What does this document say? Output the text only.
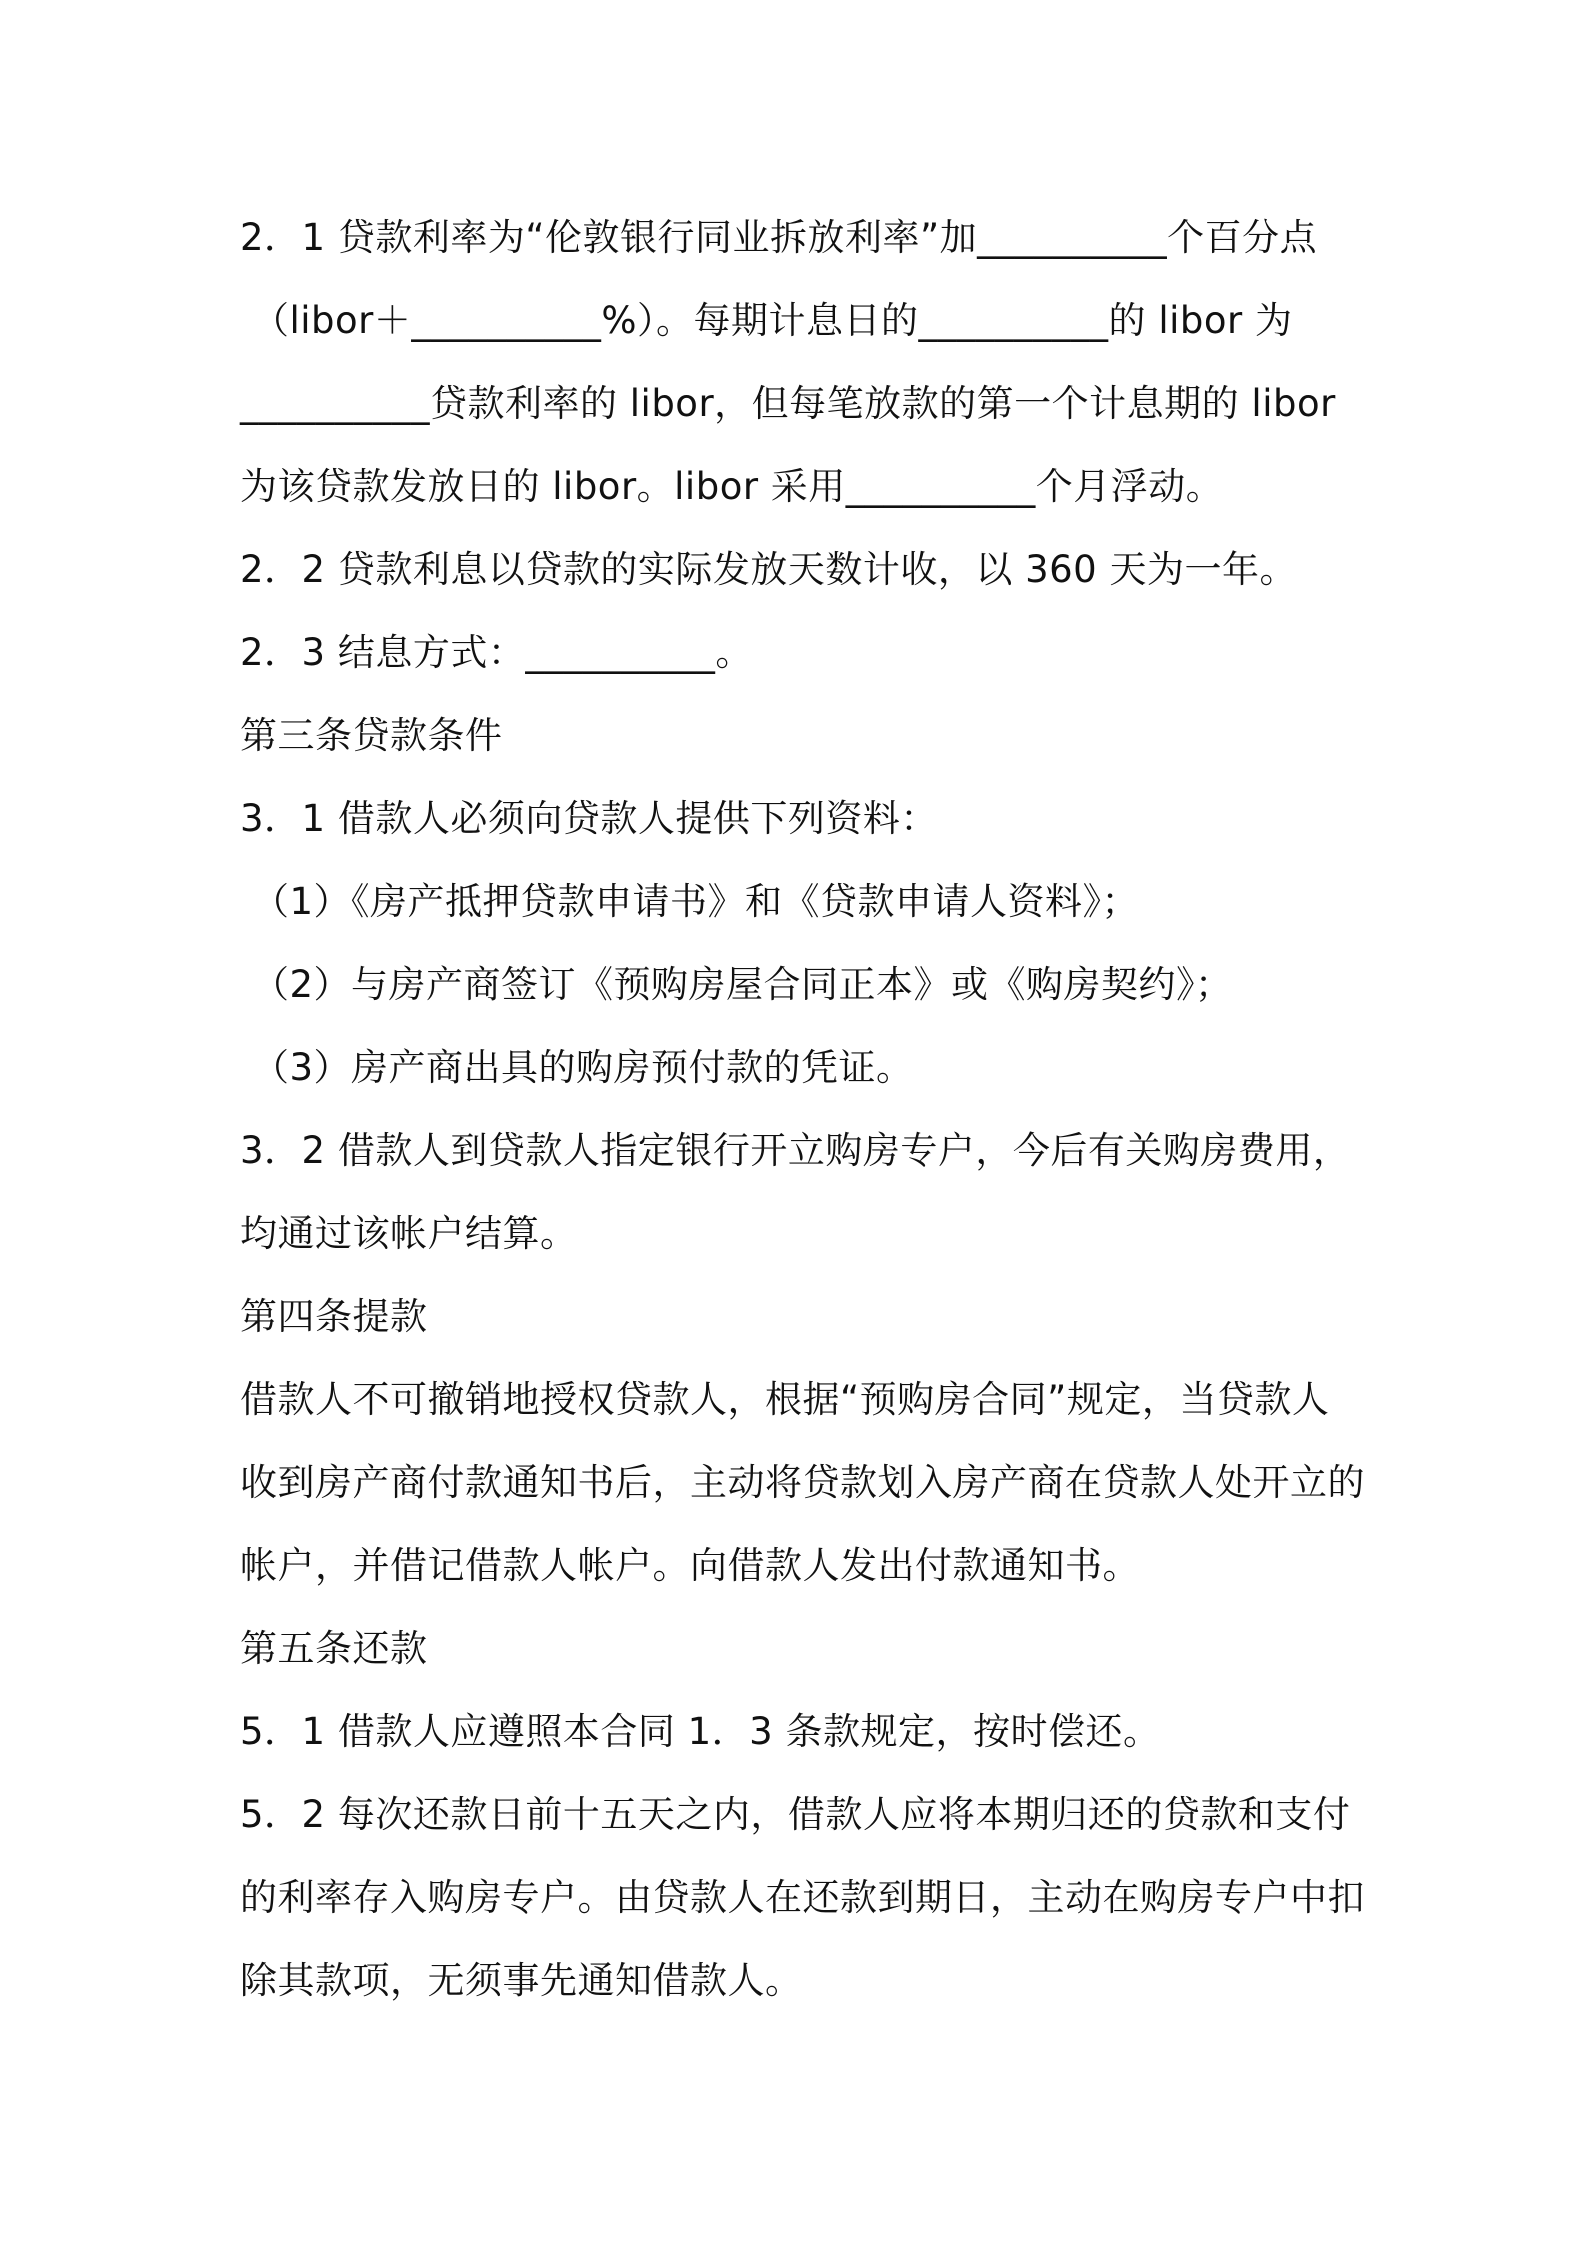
2．1 贷款利率为“伦敦银行同业拆放利率”加__________个百分点
（libor＋__________%）。每期计息日的__________的 libor 为
__________贷款利率的 libor，但每笔放款的第一个计息期的 libor
为该贷款发放日的 libor。libor 采用__________个月浮动。
2．2 贷款利息以贷款的实际发放天数计收，以 360 天为一年。
2．3 结息方式：__________。
第三条贷款条件
3．1 借款人必须向贷款人提供下列资料：
（1）《房产抵押贷款申请书》和《贷款申请人资料》；
（2）与房产商签订《预购房屋合同正本》或《购房契约》；
（3）房产商出具的购房预付款的凭证。
3．2 借款人到贷款人指定银行开立购房专户，今后有关购房费用，
均通过该帐户结算。
第四条提款
借款人不可撤销地授权贷款人，根据“预购房合同”规定，当贷款人
收到房产商付款通知书后，主动将贷款划入房产商在贷款人处开立的
帐户，并借记借款人帐户。向借款人发出付款通知书。
第五条还款
5．1 借款人应遵照本合同 1．3 条款规定，按时偿还。
5．2 每次还款日前十五天之内，借款人应将本期归还的贷款和支付
的利率存入购房专户。由贷款人在还款到期日，主动在购房专户中扣
除其款项，无须事先通知借款人。
